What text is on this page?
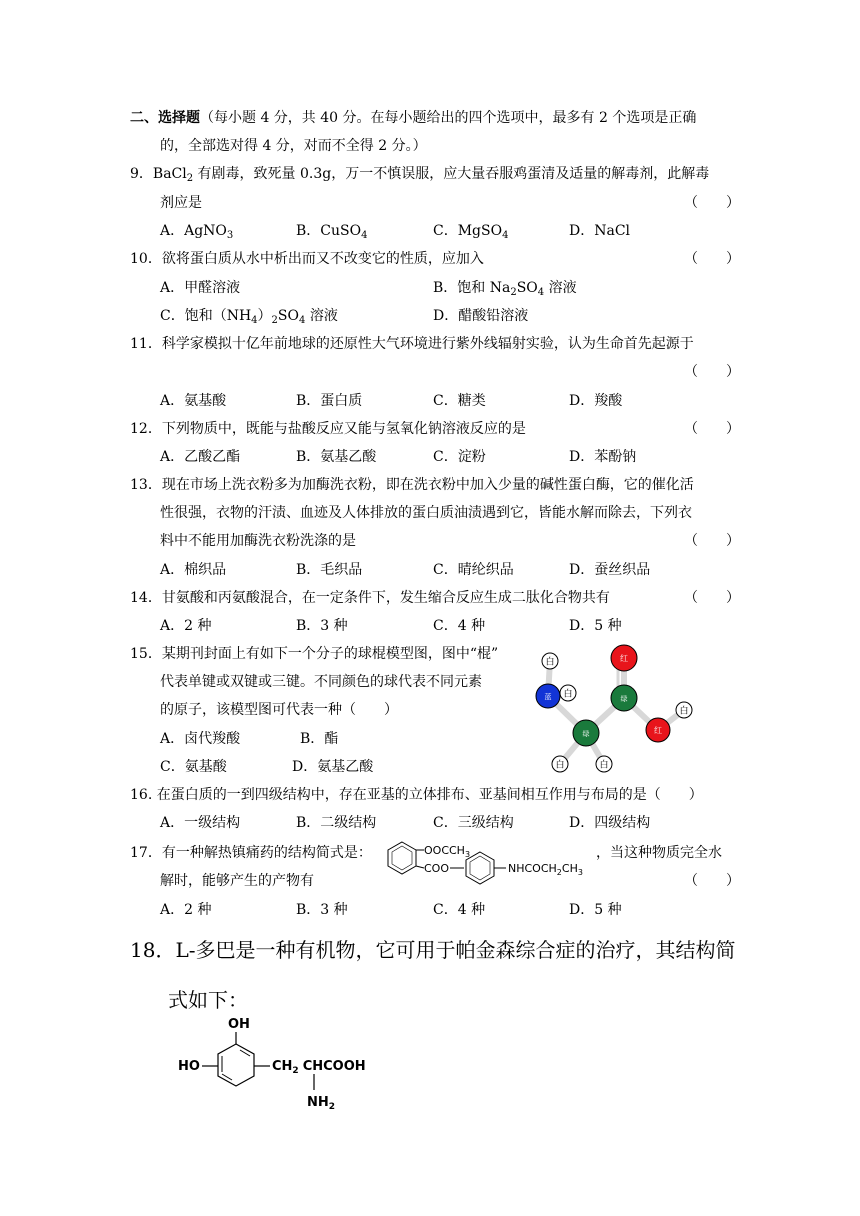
二、选择题（每小题 4 分，共 40 分。在每小题给出的四个选项中，最多有 2 个选项是正确
的，全部选对得 4 分，对而不全得 2 分。）
9．BaCl$_2$ 有剧毒，致死量 0.3g，万一不慎误服，应大量吞服鸡蛋清及适量的解毒剂，此解毒
剂应是	（　　）
A．AgNO$_3$	B．CuSO$_4$	C．MgSO$_4$	D．NaCl
10．欲将蛋白质从水中析出而又不改变它的性质，应加入	（　　）
A．甲醛溶液	B．饱和 $Na_2SO_4$ 溶液
C．饱和$(NH_4)_2SO_4$ 溶液	D．醋酸铅溶液
11．科学家模拟十亿年前地球的还原性大气环境进行紫外线辐射实验，认为生命首先起源于
（　　）
A．氨基酸	B．蛋白质	C．糖类	D．羧酸
12．下列物质中，既能与盐酸反应又能与氢氧化钠溶液反应的是	（　　）
A．乙酸乙酯	B．氨基乙酸	C．淀粉	D．苯酚钠
13．现在市场上洗衣粉多为加酶洗衣粉，即在洗衣粉中加入少量的碱性蛋白酶，它的催化活
性很强，衣物的汗渍、血迹及人体排放的蛋白质油渍遇到它，皆能水解而除去，下列衣
料中不能用加酶洗衣粉洗涤的是	（　　）
A．棉织品	B．毛织品	C．晴纶织品	D．蚕丝织品
14．甘氨酸和丙氨酸混合，在一定条件下，发生缩合反应生成二肽化合物共有	（　　）
A．2 种	B．3 种	C．4 种	D．5 种
15．某期刊封面上有如下一个分子的球棍模型图，图中“棍”
代表单键或双键或三键。不同颜色的球代表不同元素
的原子，该模型图可代表一种（　　）
A．卤代羧酸	B．酯
C．氨基酸	D．氨基乙酸
白
白
白	白
白
蓝
绿
绿
红
红
16. 在蛋白质的一到四级结构中，存在亚基的立体排布、亚基间相互作用与布局的是（　　）
A．一级结构	B．二级结构	C．三级结构	D．四级结构
17．有一种解热镇痛药的结构简式是：	，当这种物质完全水
解时，能够产生的产物有	（　　）
$OOCCH_3$
COO	$NHCOCH_2CH_3$
A．2 种	B．3 种	C．4 种	D．5 种
18．L-多巴是一种有机物，它可用于帕金森综合症的治疗，其结构简
式如下：
OH
HO	$CH_2$ CHCOOH
$NH_2$
